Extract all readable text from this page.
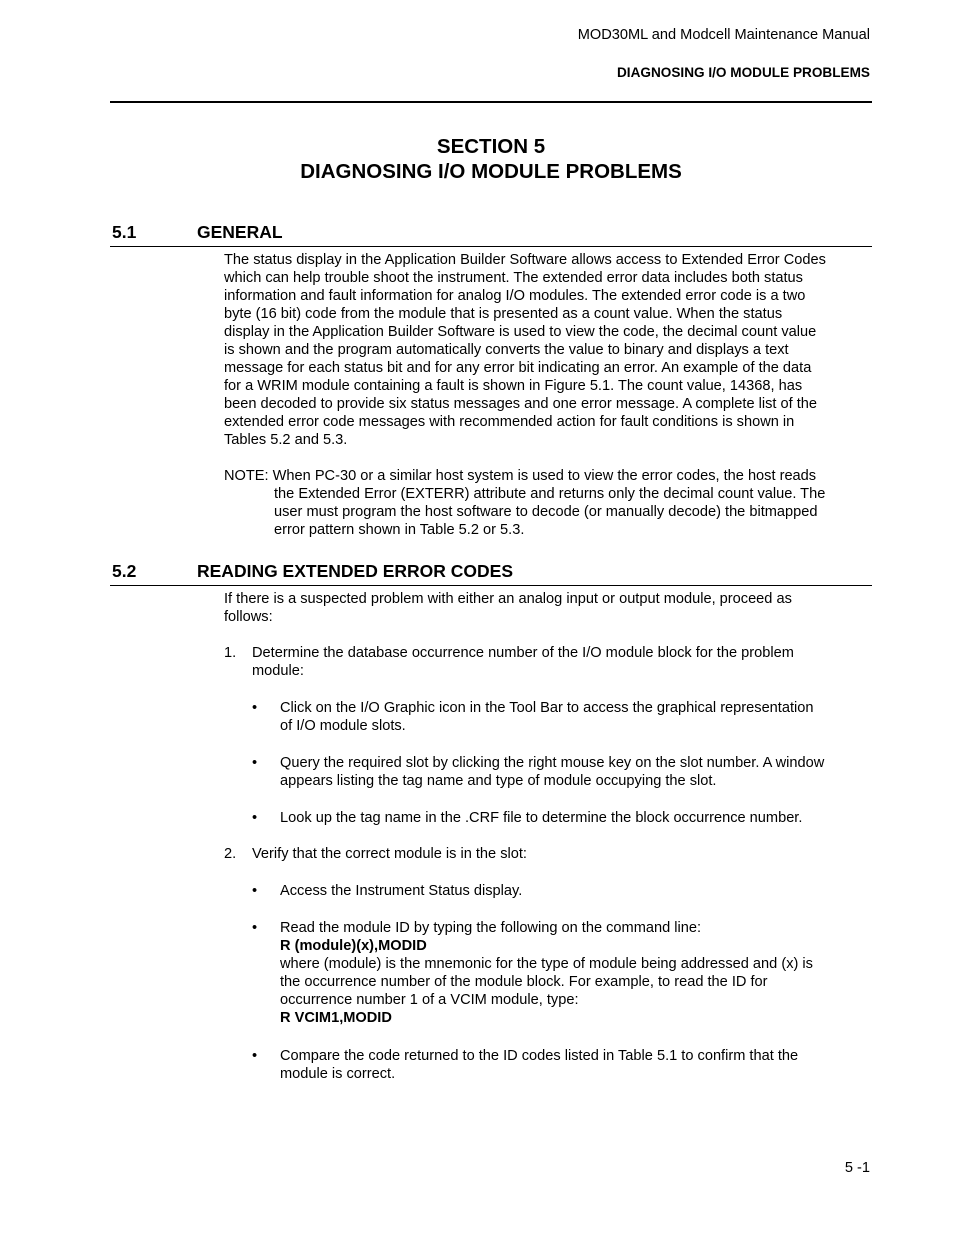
MOD30ML and Modcell Maintenance Manual
DIAGNOSING I/O MODULE PROBLEMS
SECTION 5
DIAGNOSING I/O MODULE PROBLEMS
5.1	GENERAL
The status display in the Application Builder Software allows access to Extended Error Codes
which can help trouble shoot the instrument. The extended error data includes both status
information and fault information for analog I/O modules. The extended error code is a two
byte (16 bit) code from the module that is presented as a count value. When the status
display in the Application Builder Software is used to view the code, the decimal count value
is shown and the program automatically converts the value to binary and displays a text
message for each status bit and for any error bit indicating an error. An example of the data
for a WRIM module containing a fault is shown in Figure 5.1. The count value, 14368, has
been decoded to provide six status messages and one error message. A complete list of the
extended error code messages with recommended action for fault conditions is shown in
Tables 5.2 and 5.3.
NOTE: When PC-30 or a similar host system is used to view the error codes, the host reads
the Extended Error (EXTERR) attribute and returns only the decimal count value. The
user must program the host software to decode (or manually decode) the bitmapped
error pattern shown in Table 5.2 or 5.3.
5.2	READING EXTENDED ERROR CODES
If there is a suspected problem with either an analog input or output module, proceed as
follows:
1. Determine the database occurrence number of the I/O module block for the problem
module:
• Click on the I/O Graphic icon in the Tool Bar to access the graphical representation
of I/O module slots.
• Query the required slot by clicking the right mouse key on the slot number. A window
appears listing the tag name and type of module occupying the slot.
• Look up the tag name in the .CRF file to determine the block occurrence number.
2. Verify that the correct module is in the slot:
• Access the Instrument Status display.
• Read the module ID by typing the following on the command line:
R (module)(x),MODID
where (module) is the mnemonic for the type of module being addressed and (x) is
the occurrence number of the module block. For example, to read the ID for
occurrence number 1 of a VCIM module, type:
R VCIM1,MODID
• Compare the code returned to the ID codes listed in Table 5.1 to confirm that the
module is correct.
5 -1
